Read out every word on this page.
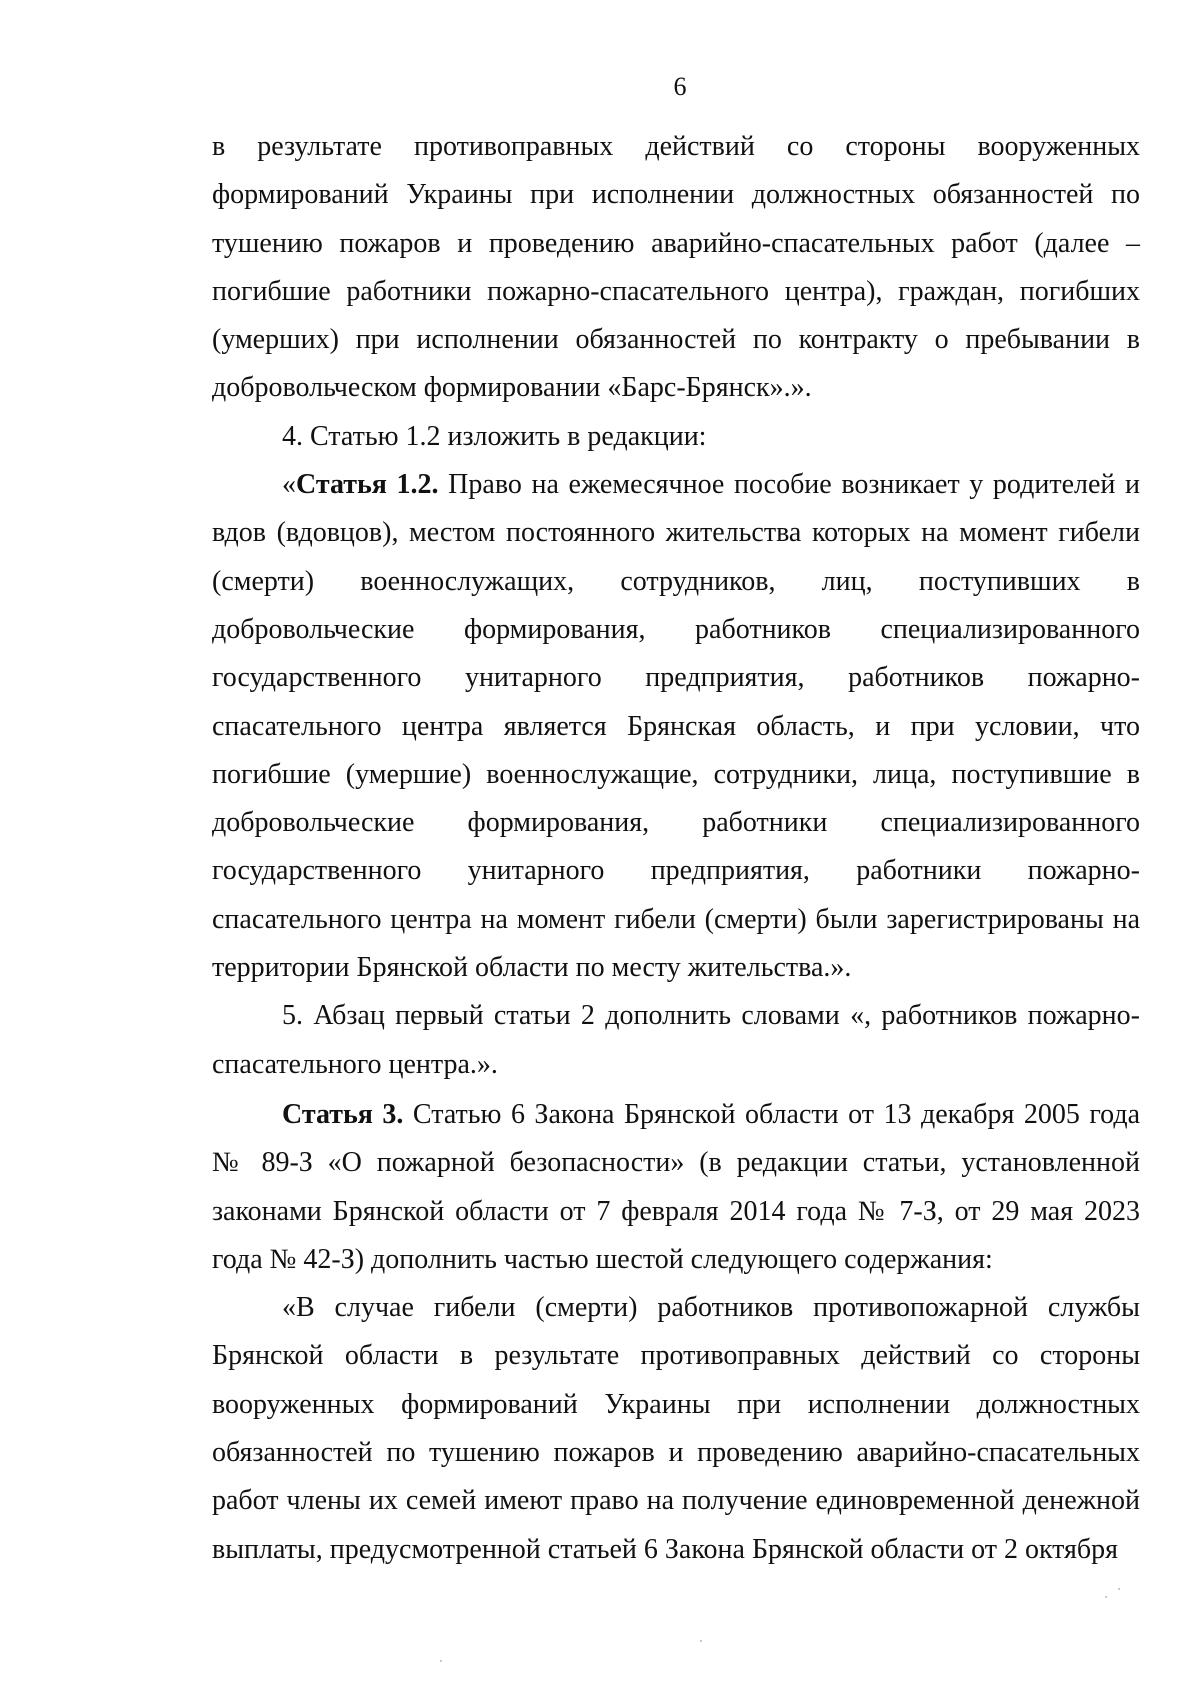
6

в результате противоправных действий со стороны вооруженных формирований Украины при исполнении должностных обязанностей по тушению пожаров и проведению аварийно-спасательных работ (далее – погибшие работники пожарно-спасательного центра), граждан, погибших (умерших) при исполнении обязанностей по контракту о пребывании в добровольческом формировании «Барс-Брянск».».

4. Статью 1.2 изложить в редакции:

«Статья 1.2. Право на ежемесячное пособие возникает у родителей и вдов (вдовцов), местом постоянного жительства которых на момент гибели (смерти) военнослужащих, сотрудников, лиц, поступивших в добровольческие формирования, работников специализированного государственного унитарного предприятия, работников пожарно-спасательного центра является Брянская область, и при условии, что погибшие (умершие) военнослужащие, сотрудники, лица, поступившие в добровольческие формирования, работники специализированного государственного унитарного предприятия, работники пожарно-спасательного центра на момент гибели (смерти) были зарегистрированы на территории Брянской области по месту жительства.».

5. Абзац первый статьи 2 дополнить словами «, работников пожарно-спасательного центра.».

Статья 3. Статью 6 Закона Брянской области от 13 декабря 2005 года № 89-З «О пожарной безопасности» (в редакции статьи, установленной законами Брянской области от 7 февраля 2014 года № 7-З, от 29 мая 2023 года № 42-З) дополнить частью шестой следующего содержания:

«В случае гибели (смерти) работников противопожарной службы Брянской области в результате противоправных действий со стороны вооруженных формирований Украины при исполнении должностных обязанностей по тушению пожаров и проведению аварийно-спасательных работ члены их семей имеют право на получение единовременной денежной выплаты, предусмотренной статьей 6 Закона Брянской области от 2 октября
